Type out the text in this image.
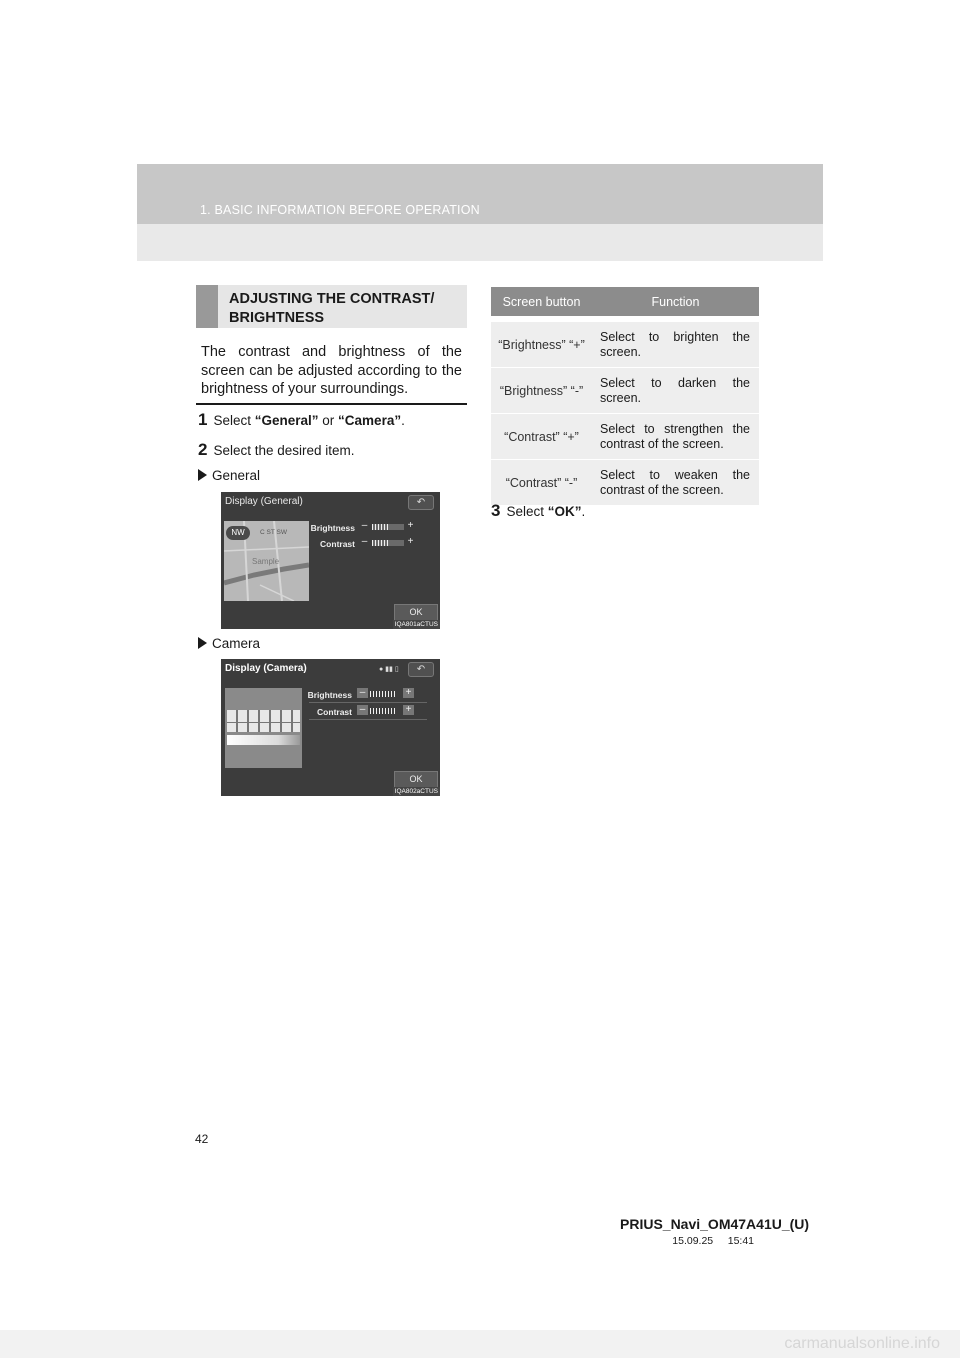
1. BASIC INFORMATION BEFORE OPERATION
ADJUSTING THE CONTRAST/ BRIGHTNESS
The contrast and brightness of the screen can be adjusted according to the brightness of your surroundings.
1 Select “General” or “Camera”.
2 Select the desired item.
General
Display (General)	↶
NW	C ST SW
Sample
Brightness –	+
Contrast –	+
OK
IQA801aCTUS
Camera
Display (Camera)	● ▮▮ ▯	↶
Brightness –	+
Contrast –	+
OK
IQA802aCTUS
Screen button	Function

“Brightness” “+”	Select to brighten the screen.
“Brightness” “-”	Select to darken the screen.
“Contrast” “+”	Select to strengthen the contrast of the screen.
“Contrast” “-”	Select to weaken the contrast of the screen.
3 Select “OK”.
42
PRIUS_Navi_OM47A41U_(U)
15.09.25     15:41
carmanualsonline.info
